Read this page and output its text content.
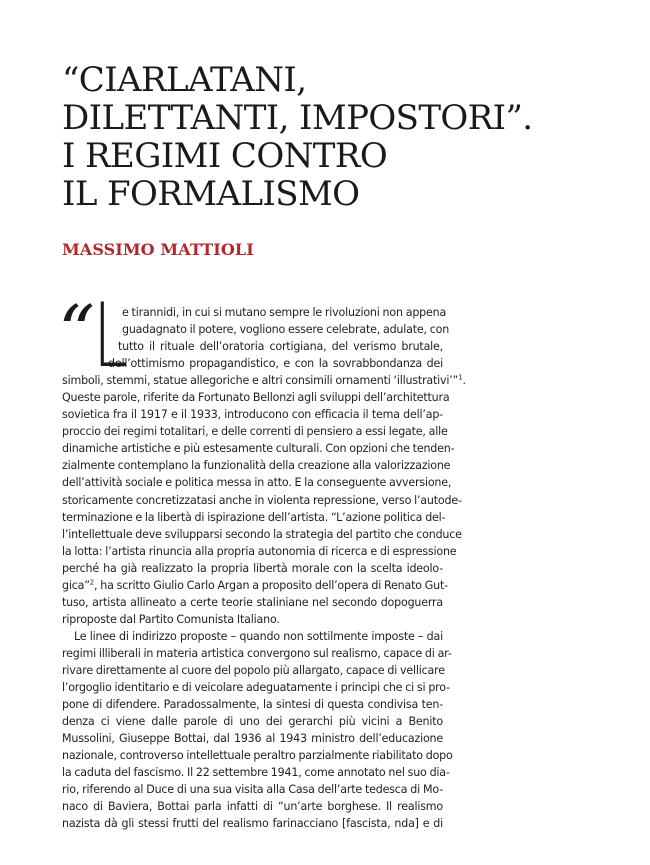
“CIARLATANI,
DILETTANTI, IMPOSTORI”.
I REGIMI CONTRO
IL FORMALISMO
MASSIMO MATTIOLI
“
L
e tirannidi, in cui si mutano sempre le rivoluzioni non appena
guadagnato il potere, vogliono essere celebrate, adulate, con
tutto il rituale dell’oratoria cortigiana, del verismo brutale,
dell’ottimismo propagandistico, e con la sovrabbondanza dei
simboli, stemmi, statue allegoriche e altri consimili ornamenti ‘illustrativi’”$^1$.
Queste parole, riferite da Fortunato Bellonzi agli sviluppi dell’architettura
sovietica fra il 1917 e il 1933, introducono con efficacia il tema dell’ap-
proccio dei regimi totalitari, e delle correnti di pensiero a essi legate, alle
dinamiche artistiche e più estesamente culturali. Con opzioni che tenden-
zialmente contemplano la funzionalità della creazione alla valorizzazione
dell’attività sociale e politica messa in atto. E la conseguente avversione,
storicamente concretizzatasi anche in violenta repressione, verso l’autode-
terminazione e la libertà di ispirazione dell’artista. “L’azione politica del-
l’intellettuale deve svilupparsi secondo la strategia del partito che conduce
la lotta: l’artista rinuncia alla propria autonomia di ricerca e di espressione
perché ha già realizzato la propria libertà morale con la scelta ideolo-
gica”$^2$, ha scritto Giulio Carlo Argan a proposito dell’opera di Renato Gut-
tuso, artista allineato a certe teorie staliniane nel secondo dopoguerra
riproposte dal Partito Comunista Italiano.
Le linee di indirizzo proposte – quando non sottilmente imposte – dai
regimi illiberali in materia artistica convergono sul realismo, capace di ar-
rivare direttamente al cuore del popolo più allargato, capace di vellicare
l’orgoglio identitario e di veicolare adeguatamente i principi che ci si pro-
pone di difendere. Paradossalmente, la sintesi di questa condivisa ten-
denza ci viene dalle parole di uno dei gerarchi più vicini a Benito
Mussolini, Giuseppe Bottai, dal 1936 al 1943 ministro dell’educazione
nazionale, controverso intellettuale peraltro parzialmente riabilitato dopo
la caduta del fascismo. Il 22 settembre 1941, come annotato nel suo dia-
rio, riferendo al Duce di una sua visita alla Casa dell’arte tedesca di Mo-
naco di Baviera, Bottai parla infatti di “un’arte borghese. Il realismo
nazista dà gli stessi frutti del realismo farinacciano [fascista, nda] e di
